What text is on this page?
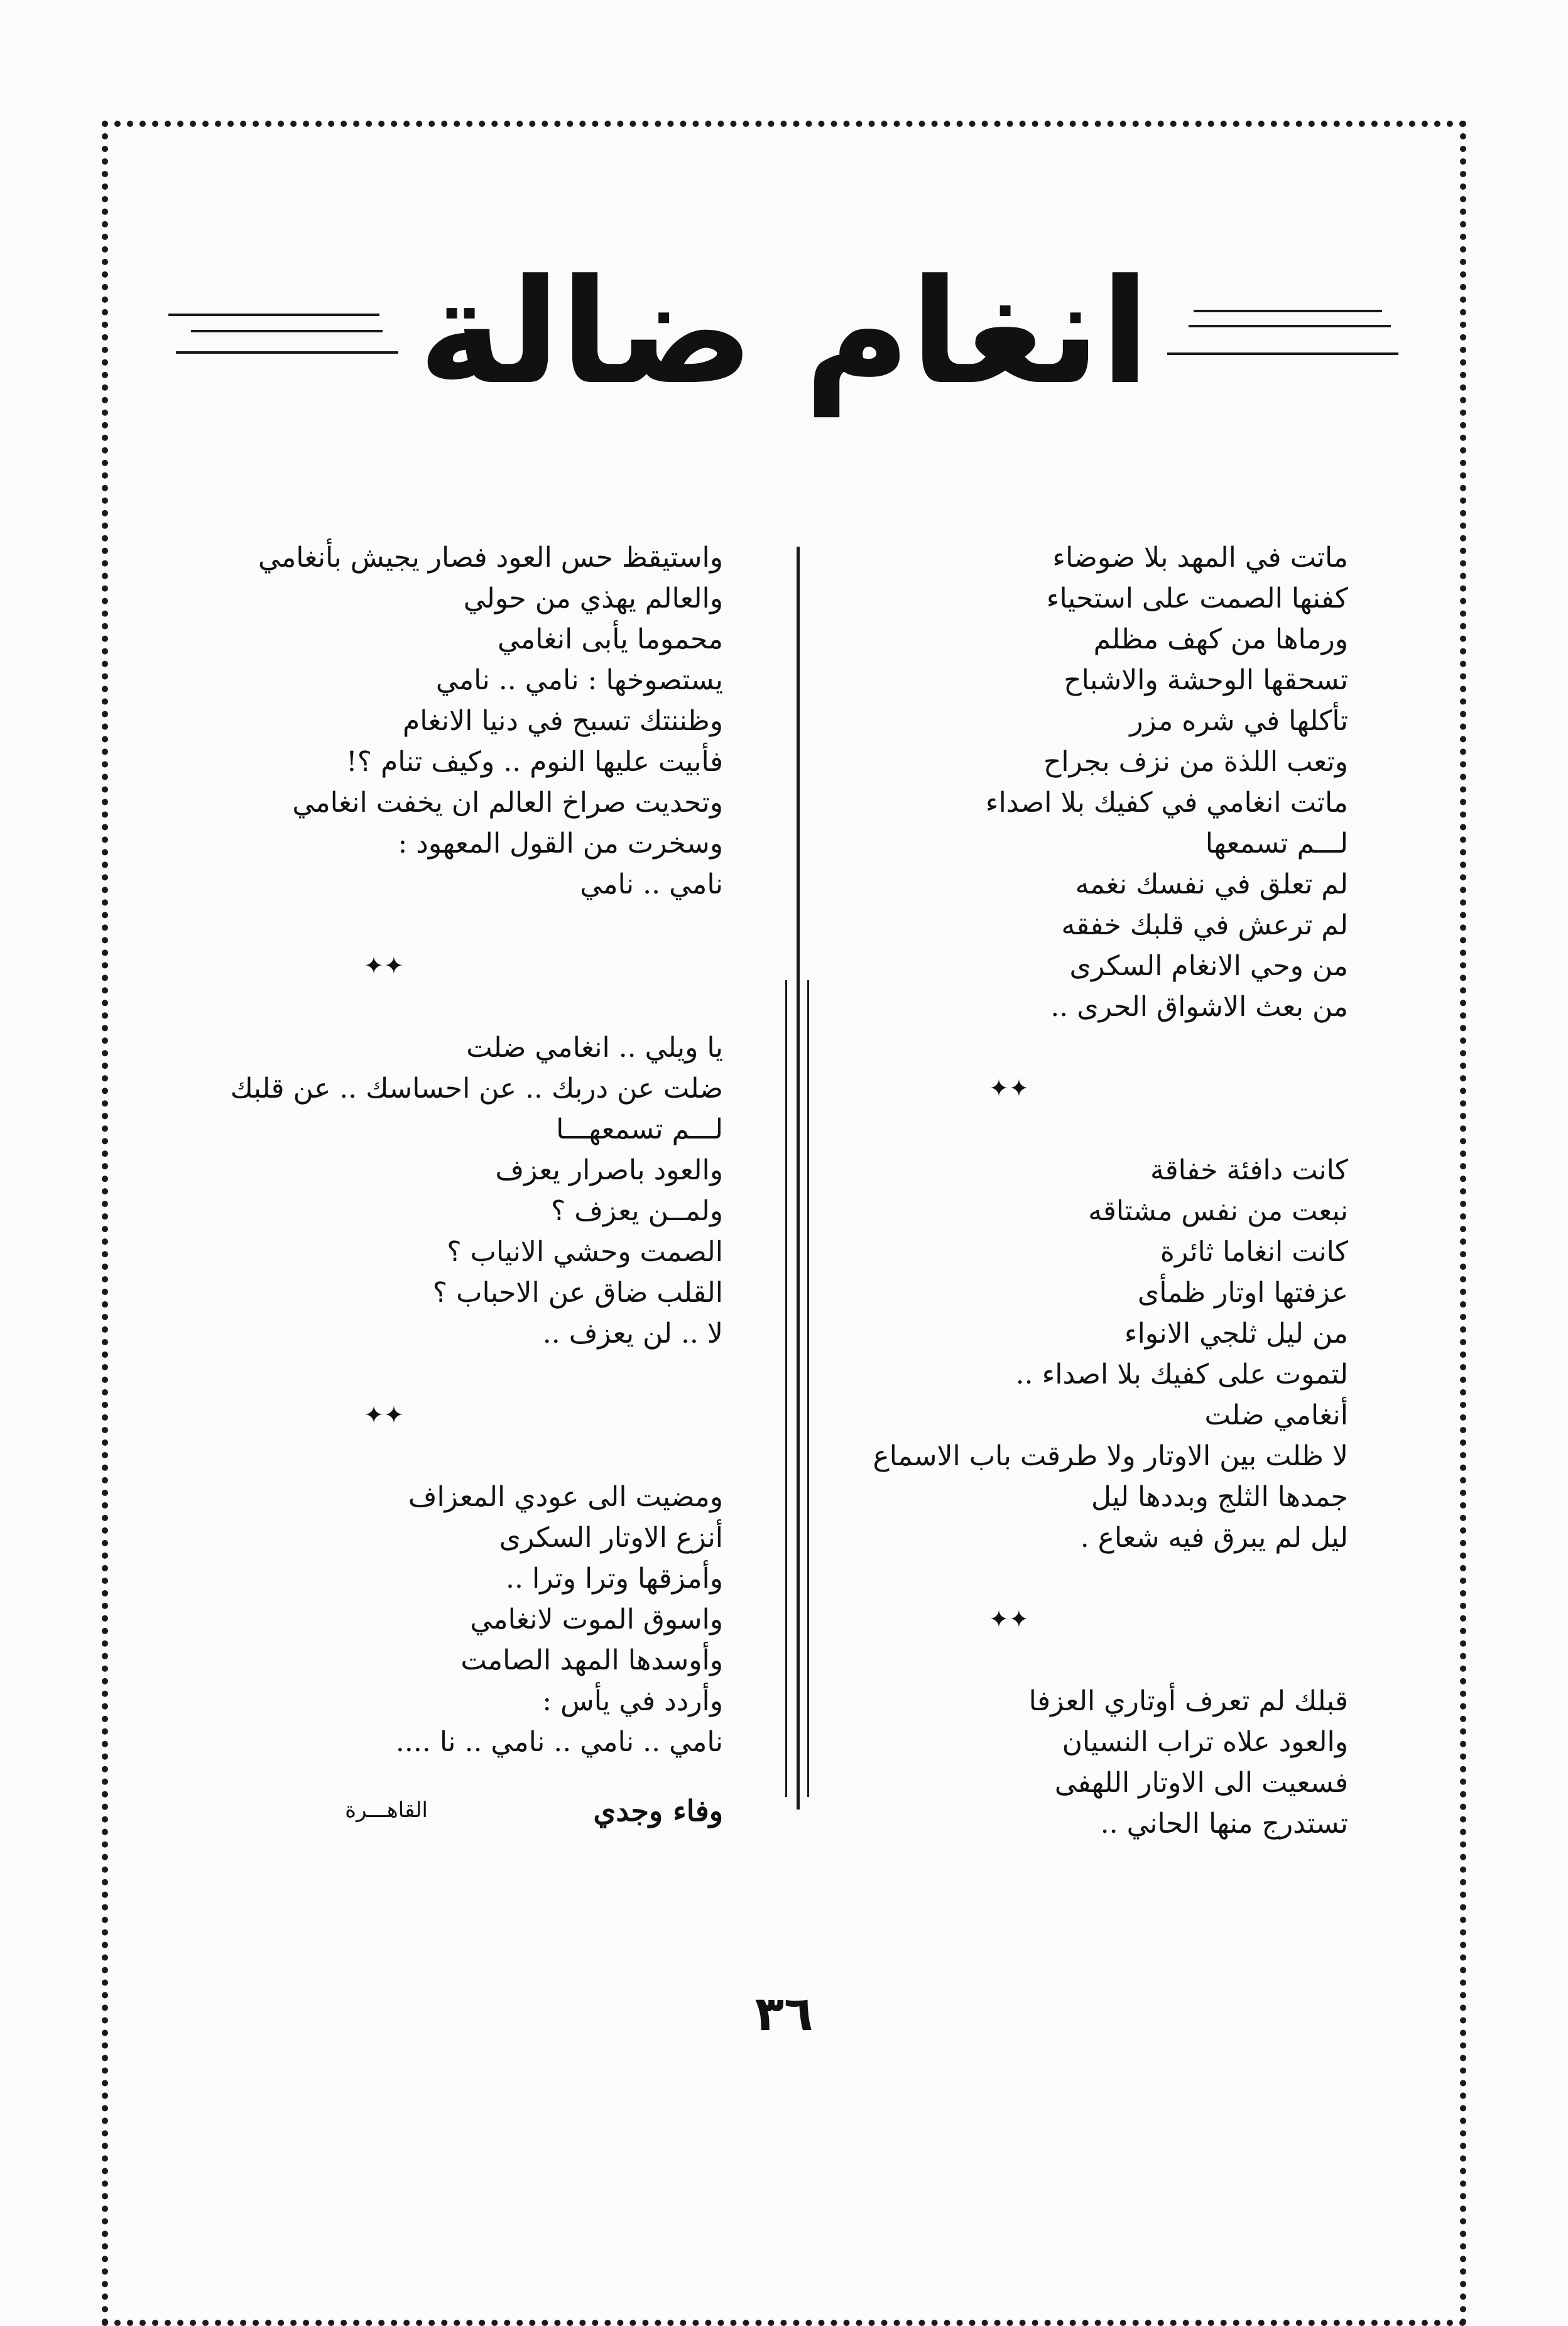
انغام ضالة
ماتت في المهد بلا ضوضاء
كفنها الصمت على استحياء
ورماها من كهف مظلم
تسحقها الوحشة والاشباح
تأكلها في شره مزر
وتعب اللذة من نزف بجراح
ماتت انغامي في كفيك بلا اصداء
لـــم تسمعها
لم تعلق في نفسك نغمه
لم ترعش في قلبك خفقه
من وحي الانغام السكرى
من بعث الاشواق الحرى ..
✦✦
كانت دافئة خفاقة
نبعت من نفس مشتاقه
كانت انغاما ثائرة
عزفتها اوتار ظمأى
من ليل ثلجي الانواء
لتموت على كفيك بلا اصداء ..
أنغامي ضلت
لا ظلت بين الاوتار ولا طرقت باب الاسماع
جمدها الثلج وبددها ليل
ليل لم يبرق فيه شعاع .
✦✦
قبلك لم تعرف أوتاري العزفا
والعود علاه تراب النسيان
فسعيت الى الاوتار اللهفى
تستدرج منها الحاني ..
واستيقظ حس العود فصار يجيش بأنغامي
والعالم يهذي من حولي
محموما يأبى انغامي
يستصوخها : نامي .. نامي
وظننتك تسبح في دنيا الانغام
فأبيت عليها النوم .. وكيف تنام ؟!
وتحديت صراخ العالم ان يخفت انغامي
وسخرت من القول المعهود :
نامي .. نامي
✦✦
يا ويلي .. انغامي ضلت
ضلت عن دربك .. عن احساسك .. عن قلبك
لـــم تسمعهـــا
والعود باصرار يعزف
ولمــن يعزف ؟
الصمت وحشي الانياب ؟
القلب ضاق عن الاحباب ؟
لا .. لن يعزف ..
✦✦
ومضيت الى عودي المعزاف
أنزع الاوتار السكرى
وأمزقها وترا وترا ..
واسوق الموت لانغامي
وأوسدها المهد الصامت
وأردد في يأس :
نامي .. نامي .. نامي .. نا ....
وفاء وجدي
القاهـــرة
٣٦
